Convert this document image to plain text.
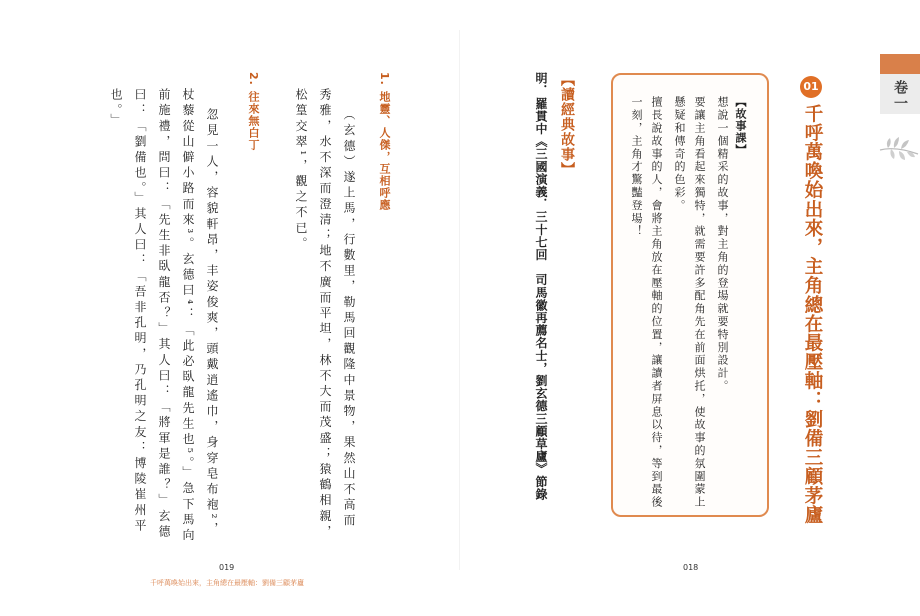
卷一
01
千呼萬喚始出來，主角總在最壓軸：劉備三顧茅廬
【故事課】
想說一個精采的故事，對主角的登場就要特別設計。
要讓主角看起來獨特，就需要許多配角先在前面烘托，使故事的氛圍蒙上
懸疑和傳奇的色彩。
擅長說故事的人，會將主角放在壓軸的位置，讓讀者屏息以待，等到最後
一刻，主角才驚豔登場！
【讀經典故事】
明．羅貫中《三國演義．三十七回　司馬徽再薦名士，劉玄德三顧草廬》節錄
1. 地靈、人傑，互相呼應
（玄德）遂上馬，行數里，勒馬回觀隆中景物，果然山不高而
秀雅，水不深而澄清；地不廣而平坦，林不大而茂盛；猿鶴相親，
松篁交翠¹，觀之不已。
2. 往來無白丁
忽見一人，容貌軒昂，丰姿俊爽，頭戴逍遙巾，身穿皂布袍²，
杖藜從山僻小路而來³。玄德曰⁴：「此必臥龍先生也⁵。」急下馬向
前施禮，問曰：「先生非臥龍否？」其人曰：「將軍是誰？」玄德
曰：「劉備也。」其人曰：「吾非孔明，乃孔明之友：博陵崔州平
也。」
019	018
千呼萬喚始出來，主角總在最壓軸：劉備三顧茅廬
